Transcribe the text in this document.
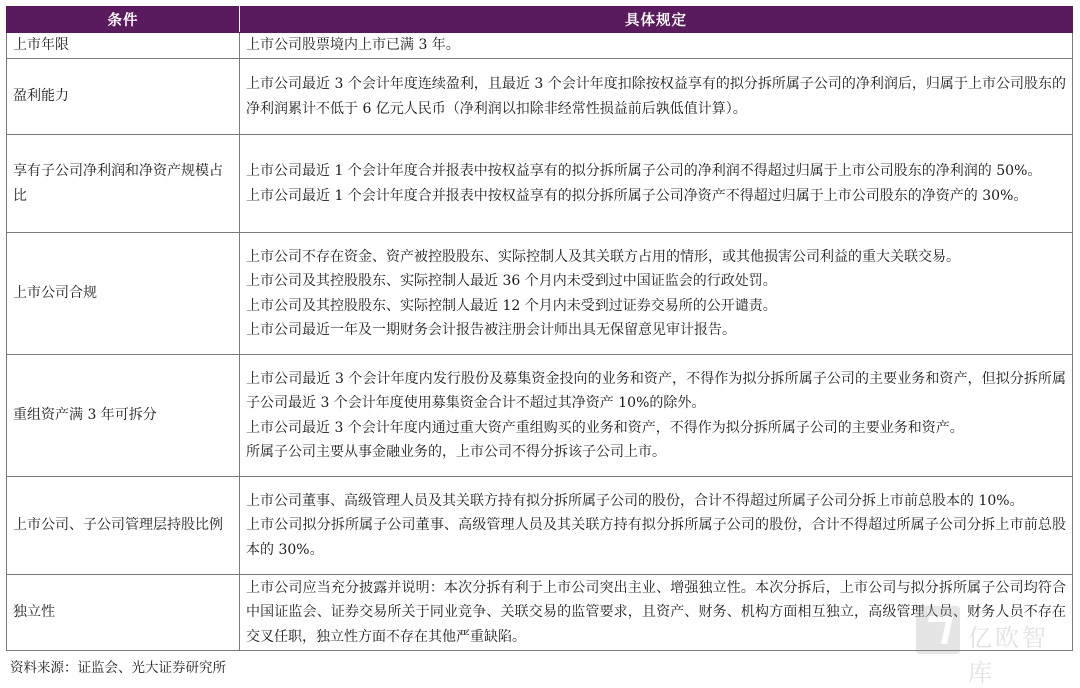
条件	具体规定
上市年限	上市公司股票境内上市已满 3 年。

盈利能力	上市公司最近 3 个会计年度连续盈利，且最近 3 个会计年度扣除按权益享有的拟分拆所属子公司的净利润后，归属于上市公司股东的净利润累计不低于 6 亿元人民币（净利润以扣除非经常性损益前后孰低值计算）。

享有子公司净利润和净资产规模占比	上市公司最近 1 个会计年度合并报表中按权益享有的拟分拆所属子公司的净利润不得超过归属于上市公司股东的净利润的 50%。
上市公司最近 1 个会计年度合并报表中按权益享有的拟分拆所属子公司净资产不得超过归属于上市公司股东的净资产的 30%。

上市公司合规	上市公司不存在资金、资产被控股股东、实际控制人及其关联方占用的情形，或其他损害公司利益的重大关联交易。
上市公司及其控股股东、实际控制人最近 36 个月内未受到过中国证监会的行政处罚。
上市公司及其控股股东、实际控制人最近 12 个月内未受到过证券交易所的公开谴责。
上市公司最近一年及一期财务会计报告被注册会计师出具无保留意见审计报告。

重组资产满 3 年可拆分	上市公司最近 3 个会计年度内发行股份及募集资金投向的业务和资产，不得作为拟分拆所属子公司的主要业务和资产，但拟分拆所属子公司最近 3 个会计年度使用募集资金合计不超过其净资产 10%的除外。
上市公司最近 3 个会计年度内通过重大资产重组购买的业务和资产，不得作为拟分拆所属子公司的主要业务和资产。
所属子公司主要从事金融业务的，上市公司不得分拆该子公司上市。

上市公司、子公司管理层持股比例	上市公司董事、高级管理人员及其关联方持有拟分拆所属子公司的股份，合计不得超过所属子公司分拆上市前总股本的 10%。
上市公司拟分拆所属子公司董事、高级管理人员及其关联方持有拟分拆所属子公司的股份，合计不得超过所属子公司分拆上市前总股本的 30%。

独立性	上市公司应当充分披露并说明：本次分拆有利于上市公司突出主业、增强独立性。本次分拆后，上市公司与拟分拆所属子公司均符合中国证监会、证券交易所关于同业竞争、关联交易的监管要求，且资产、财务、机构方面相互独立，高级管理人员、财务人员不存在交叉任职，独立性方面不存在其他严重缺陷。	亿欧智库
资料来源：证监会、光大证券研究所
